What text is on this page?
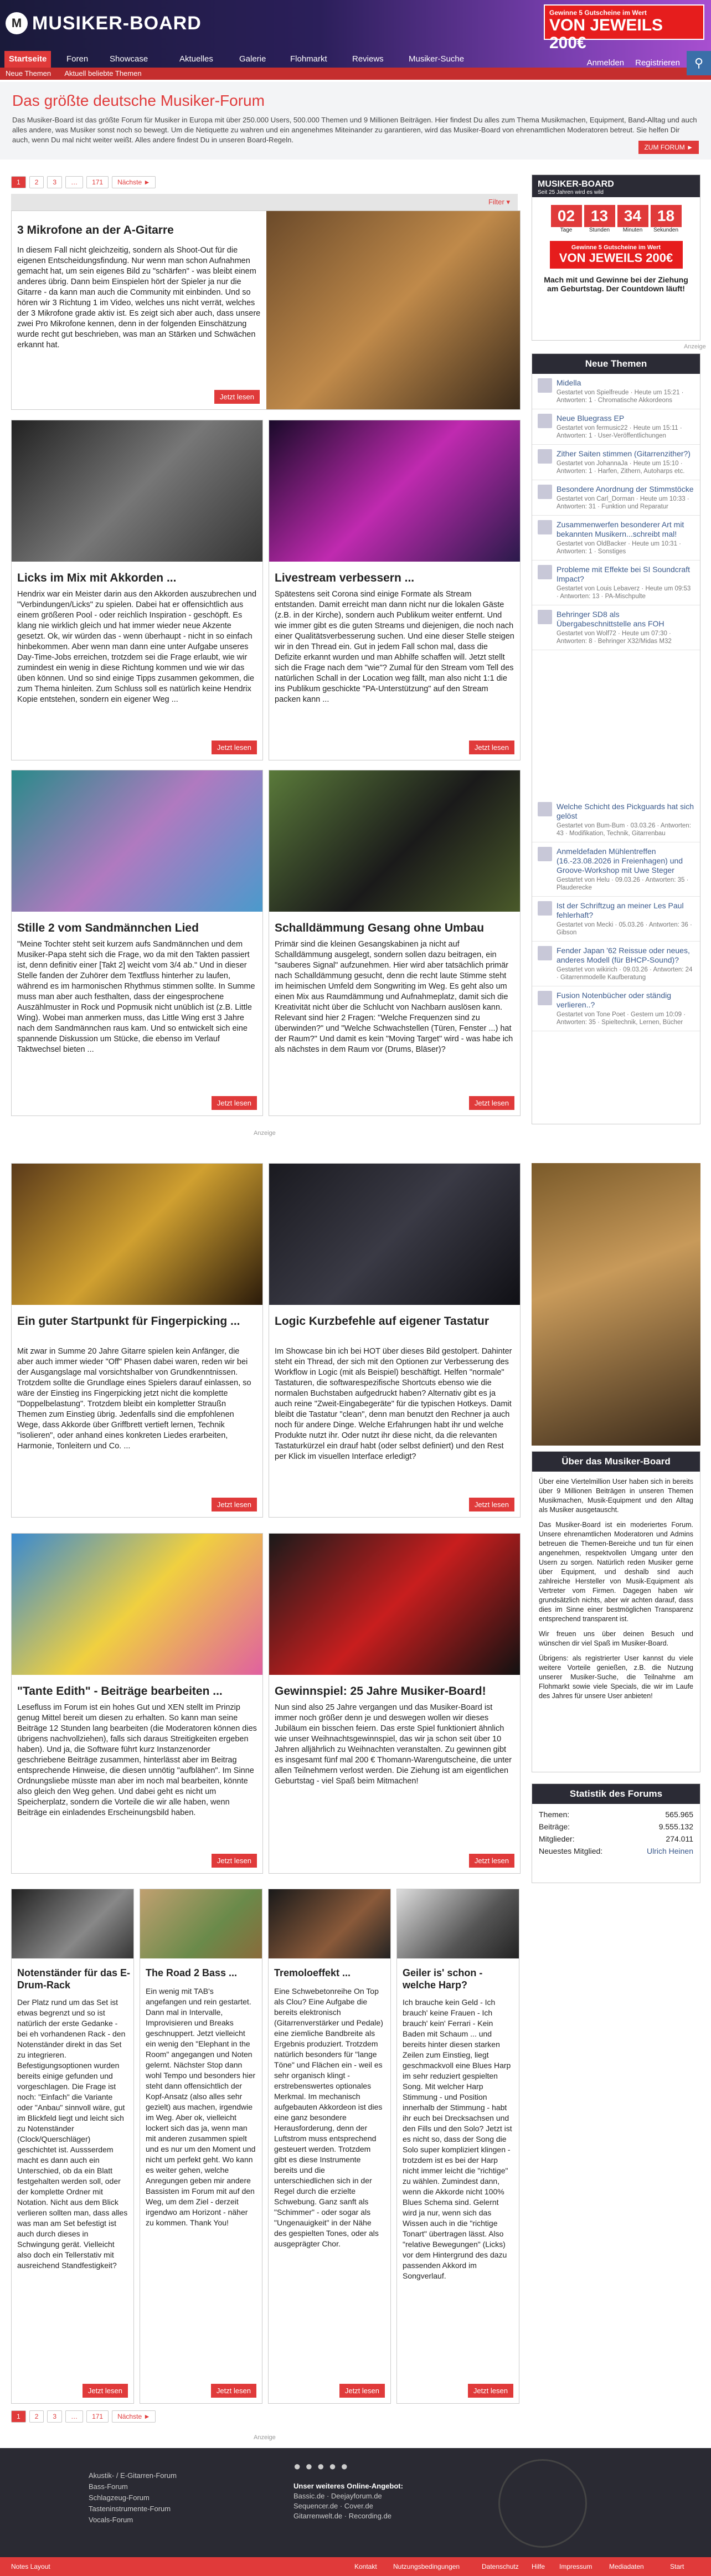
M MUSIKER-BOARD	Gewinne 5 Gutscheine im Wert
VON JEWEILS 200€
Startseite	Foren	Showcase	Aktuelles	Galerie	Flohmarkt	Reviews	Musiker-Suche
Neue Themen Aktuell beliebte Themen
Anmelden	Registrieren	⚲
Das größte deutsche Musiker-Forum

Das Musiker-Board ist das größte Forum für Musiker in Europa mit über 250.000 Users, 500.000 Themen und 9 Millionen Beiträgen. Hier findest Du alles zum Thema Musikmachen, Equipment, Band-Alltag und auch alles andere, was Musiker sonst noch so bewegt. Um die Netiquette zu wahren und ein angenehmes Miteinander zu garantieren, wird das Musiker-Board von ehrenamtlichen Moderatoren betreut. Sie helfen Dir auch, wenn Du mal nicht weiter weißt. Alles andere findest Du in unseren Board-Regeln.

ZUM FORUM ►
1	2	3	…	171	Nächste ►
Filter ▾
3 Mikrofone an der A-Gitarre
In diesem Fall nicht gleichzeitig, sondern als Shoot-Out für die eigenen Entscheidungsfindung. Nur wenn man schon Aufnahmen gemacht hat, um sein eigenes Bild zu "schärfen" - was bleibt einem anderes übrig. Dann beim Einspielen hört der Spieler ja nur die Gitarre - da kann man auch die Community mit einbinden. Und so hören wir 3 Richtung 1 im Video, welches uns nicht verrät, welches der 3 Mikrofone grade aktiv ist. Es zeigt sich aber auch, dass unsere zwei Pro Mikrofone kennen, denn in der folgenden Einschätzung wurde recht gut beschrieben, was man an Stärken und Schwächen erkannt hat.
Jetzt lesen
Licks im Mix mit Akkorden ...
Hendrix war ein Meister darin aus den Akkorden auszubrechen und "Verbindungen/Licks" zu spielen. Dabei hat er offensichtlich aus einem größeren Pool - oder reichlich Inspiration - geschöpft. Es klang nie wirklich gleich und hat immer wieder neue Akzente gesetzt. Ok, wir würden das - wenn überhaupt - nicht in so einfach hinbekommen. Aber wenn man dann eine unter Aufgabe unseres Day-Time-Jobs erreichen, trotzdem sei die Frage erlaubt, wie wir zumindest ein wenig in diese Richtung kommen und wie wir das üben können. Und so sind einige Tipps zusammen gekommen, die zum Thema hinleiten. Zum Schluss soll es natürlich keine Hendrix Kopie entstehen, sondern ein eigener Weg ...
Jetzt lesen
Livestream verbessern ...
Spätestens seit Corona sind einige Formate als Stream entstanden. Damit erreicht man dann nicht nur die lokalen Gäste (z.B. in der Kirche), sondern auch Publikum weiter entfernt. Und wie immer gibt es die guten Streams und diejenigen, die noch nach einer Qualitätsverbesserung suchen. Und eine dieser Stelle steigen wir in den Thread ein. Gut in jedem Fall schon mal, dass die Defizite erkannt wurden und man Abhilfe schaffen will. Jetzt stellt sich die Frage nach dem "wie"? Zumal für den Stream vom Tell des natürlichen Schall in der Location weg fällt, man also nicht 1:1 die ins Publikum geschickte "PA-Unterstützung" auf den Stream packen kann ...
Jetzt lesen
Stille 2 vom Sandmännchen Lied
"Meine Tochter steht seit kurzem aufs Sandmännchen und dem Musiker-Papa steht sich die Frage, wo da mit den Takten passiert ist, denn definitiv einer [Takt 2] weicht vom 3/4 ab." Und in dieser Stelle fanden der Zuhörer dem Textfluss hinterher zu laufen, während es im harmonischen Rhythmus stimmen sollte. In Summe muss man aber auch festhalten, dass der eingesprochene Auszählmuster in Rock und Popmusik nicht unüblich ist (z.B. Little Wing). Wobei man anmerken muss, das Little Wing erst 3 Jahre nach dem Sandmännchen raus kam. Und so entwickelt sich eine spannende Diskussion um Stücke, die ebenso im Verlauf Taktwechsel bieten ...
Jetzt lesen
Schalldämmung Gesang ohne Umbau
Primär sind die kleinen Gesangskabinen ja nicht auf Schalldämmung ausgelegt, sondern sollen dazu beitragen, ein "sauberes Signal" aufzunehmen. Hier wird aber tatsächlich primär nach Schalldämmung gesucht, denn die recht laute Stimme steht im heimischen Umfeld dem Songwriting im Weg. Es geht also um einen Mix aus Raumdämmung und Aufnahmeplatz, damit sich die Kreativität nicht über die Schlucht von Nachbarn auslösen kann. Relevant sind hier 2 Fragen: "Welche Frequenzen sind zu überwinden?" und "Welche Schwachstellen (Türen, Fenster ...) hat der Raum?" Und damit es kein "Moving Target" wird - was habe ich als nächstes in dem Raum vor (Drums, Bläser)?
Jetzt lesen
Anzeige
Ein guter Startpunkt für Fingerpicking ...
Mit zwar in Summe 20 Jahre Gitarre spielen kein Anfänger, die aber auch immer wieder "Off" Phasen dabei waren, reden wir bei der Ausgangslage mal vorsichtshalber von Grundkenntnissen. Trotzdem sollte die Grundlage eines Spielers darauf einlassen, so wäre der Einstieg ins Fingerpicking jetzt nicht die komplette "Doppelbelastung". Trotzdem bleibt ein kompletter Straußn Themen zum Einstieg übrig. Jedenfalls sind die empfohlenen Wege, dass Akkorde über Griffbrett vertieft lernen, Technik "isolieren", oder anhand eines konkreten Liedes erarbeiten, Harmonie, Tonleitern und Co. ...
Jetzt lesen
Logic Kurzbefehle auf eigener Tastatur
Im Showcase bin ich bei HOT über dieses Bild gestolpert. Dahinter steht ein Thread, der sich mit den Optionen zur Verbesserung des Workflow in Logic (mit als Beispiel) beschäftigt. Helfen "normale" Tastaturen, die softwarespezifische Shortcuts ebenso wie die normalen Buchstaben aufgedruckt haben? Alternativ gibt es ja auch reine "Zweit-Eingabegeräte" für die typischen Hotkeys. Damit bleibt die Tastatur "clean", denn man benutzt den Rechner ja auch noch für andere Dinge. Welche Erfahrungen habt ihr und welche Produkte nutzt ihr. Oder nutzt ihr diese nicht, da die relevanten Tastaturkürzel ein drauf habt (oder selbst definiert) und den Rest per Klick im visuellen Interface erledigt?
Jetzt lesen
"Tante Edith" - Beiträge bearbeiten ...
Lesefluss im Forum ist ein hohes Gut und XEN stellt im Prinzip genug Mittel bereit um diesen zu erhalten. So kann man seine Beiträge 12 Stunden lang bearbeiten (die Moderatoren können dies übrigens nachvollziehen), falls sich daraus Streitigkeiten ergeben haben). Und ja, die Software führt kurz Instanzenorder geschriebene Beiträge zusammen, hinterlässt aber im Beitrag entsprechende Hinweise, die diesen unnötig "aufblähen". Im Sinne Ordnungsliebe müsste man aber im noch mal bearbeiten, könnte also gleich den Weg gehen. Und dabei geht es nicht um Speicherplatz, sondern die Vorteile die wir alle haben, wenn Beiträge ein einladendes Erscheinungsbild haben.
Jetzt lesen
Gewinnspiel: 25 Jahre Musiker-Board!
Nun sind also 25 Jahre vergangen und das Musiker-Board ist immer noch größer denn je und deswegen wollen wir dieses Jubiläum ein bisschen feiern. Das erste Spiel funktioniert ähnlich wie unser Weihnachtsgewinnspiel, das wir ja schon seit über 10 Jahren alljährlich zu Weihnachten veranstalten. Zu gewinnen gibt es insgesamt fünf mal 200 € Thomann-Warengutscheine, die unter allen Teilnehmern verlost werden. Die Ziehung ist am eigentlichen Geburtstag - viel Spaß beim Mitmachen!
Jetzt lesen
Notenständer für das E-Drum-Rack
Der Platz rund um das Set ist etwas begrenzt und so ist natürlich der erste Gedanke - bei eh vorhandenen Rack - den Notenständer direkt in das Set zu integrieren. Befestigungsoptionen wurden bereits einige gefunden und vorgeschlagen. Die Frage ist noch: "Einfach" die Variante oder "Anbau" sinnvoll wäre, gut im Blickfeld liegt und leicht sich zu Notenständer (Clock/Querschläger) geschichtet ist. Aussserdem macht es dann auch ein Unterschied, ob da ein Blatt festgehalten werden soll, oder der komplette Ordner mit Notation. Nicht aus dem Blick verlieren sollten man, dass alles was man am Set befestigt ist auch durch dieses in Schwingung gerät. Vielleicht also doch ein Tellerstativ mit ausreichend Standfestigkeit?
Jetzt lesen
The Road 2 Bass ...
Ein wenig mit TAB's angefangen und rein gestartet. Dann mal in Intervalle, Improvisieren und Breaks geschnuppert. Jetzt vielleicht ein wenig den "Elephant in the Room" angegangen und Noten gelernt. Nächster Stop dann wohl Tempo und besonders hier steht dann offensichtlich der Kopf-Ansatz (also alles sehr gezielt) aus machen, irgendwie im Weg. Aber ok, vielleicht lockert sich das ja, wenn man mit anderen zusammen spielt und es nur um den Moment und nicht um perfekt geht. Wo kann es weiter gehen, welche Anregungen geben mir andere Bassisten im Forum mit auf den Weg, um dem Ziel - derzeit irgendwo am Horizont - näher zu kommen. Thank You!
Jetzt lesen
Tremoloeffekt ...
Eine Schwebetonreihe On Top als Clou? Eine Aufgabe die bereits elektronisch (Gitarrenverstärker und Pedale) eine ziemliche Bandbreite als Ergebnis produziert. Trotzdem natürlich besonders für "lange Töne" und Flächen ein - weil es sehr organisch klingt - erstrebenswertes optionales Merkmal. Im mechanisch aufgebauten Akkordeon ist dies eine ganz besondere Herausforderung, denn der Luftstrom muss entsprechend gesteuert werden. Trotzdem gibt es diese Instrumente bereits und die unterschiedlichen sich in der Regel durch die erzielte Schwebung. Ganz sanft als "Schimmer" - oder sogar als "Ungenauigkeit" in der Nähe des gespielten Tones, oder als ausgeprägter Chor.
Jetzt lesen
Geiler is' schon - welche Harp?
Ich brauche kein Geld - Ich brauch' keine Frauen - Ich brauch' kein' Ferrari - Kein Baden mit Schaum ... und bereits hinter diesen starken Zeilen zum Einstieg, liegt geschmackvoll eine Blues Harp im sehr reduziert gespielten Song. Mit welcher Harp Stimmung - und Position innerhalb der Stimmung - habt ihr euch bei Drecksachsen und den Fills und den Solo? Jetzt ist es nicht so, dass der Song die Solo super kompliziert klingen - trotzdem ist es bei der Harp nicht immer leicht die "richtige" zu wählen. Zumindest dann, wenn die Akkorde nicht 100% Blues Schema sind. Gelernt wird ja nur, wenn sich das Wissen auch in die "richtige Tonart" übertragen lässt. Also "relative Bewegungen" (Licks) vor dem Hintergrund des dazu passenden Akkord im Songverlauf.
Jetzt lesen
1	2	3	…	171	Nächste ►
Anzeige
MUSIKER-BOARD
Seit 25 Jahren wird es wild
02
Tage
13
Stunden
34
Minuten
18
Sekunden
Gewinne 5 Gutscheine im Wert
VON JEWEILS 200€
Mach mit und Gewinne bei der Ziehung am Geburtstag. Der Countdown läuft!
Anzeige
Neue Themen
Midella
Gestartet von Spielfreude · Heute um 15:21 · Antworten: 1 · Chromatische Akkordeons
Neue Bluegrass EP
Gestartet von fermusic22 · Heute um 15:11 · Antworten: 1 · User-Veröffentlichungen
Zither Saiten stimmen (Gitarrenzither?)
Gestartet von JohannaJa · Heute um 15:10 · Antworten: 1 · Harfen, Zithern, Autoharps etc.
Besondere Anordnung der Stimmstöcke
Gestartet von Carl_Dorman · Heute um 10:33 · Antworten: 31 · Funktion und Reparatur
Zusammenwerfen besonderer Art mit bekannten Musikern...schreibt mal!
Gestartet von OldBacker · Heute um 10:31 · Antworten: 1 · Sonstiges
Probleme mit Effekte bei SI Soundcraft Impact?
Gestartet von Louis Lebaverz · Heute um 09:53 · Antworten: 13 · PA-Mischpulte
Behringer SD8 als Übergabeschnittstelle ans FOH
Gestartet von Wolf72 · Heute um 07:30 · Antworten: 8 · Behringer X32/Midas M32
Welche Schicht des Pickguards hat sich gelöst
Gestartet von Bum-Bum · 03.03.26 · Antworten: 43 · Modifikation, Technik, Gitarrenbau
Anmeldefaden Mühlentreffen (16.-23.08.2026 in Freienhagen) und Groove-Workshop mit Uwe Steger
Gestartet von ​Helu · 09.03.26 · Antworten: 35 · Plauderecke
Ist der Schriftzug an meiner Les Paul fehlerhaft?
Gestartet von Mecki · 05.03.26 · Antworten: 36 · Gibson
Fender Japan '62 Reissue oder neues, anderes Modell (für BHCP-Sound)?
Gestartet von wikirich · 09.03.26 · Antworten: 24 · Gitarrenmodelle Kaufberatung
Fusion Notenbücher oder ständig verlieren..?
Gestartet von Tone Poet · Gestern um 10:09 · Antworten: 35 · Spieltechnik, Lernen, Bücher
Über das Musiker-Board

Über eine Viertelmillion User haben sich in bereits über 9 Millionen Beiträgen in unseren Themen Musikmachen, Musik-Equipment und den Alltag als Musiker ausgetauscht.

Das Musiker-Board ist ein moderiertes Forum. Unsere ehrenamtlichen Moderatoren und Admins betreuen die Themen-Bereiche und tun für einen angenehmen, respektvollen Umgang unter den Usern zu sorgen. Natürlich reden Musiker gerne über Equipment, und deshalb sind auch zahlreiche Hersteller von Musik-Equipment als Vertreter vom Firmen. Dagegen haben wir grundsätzlich nichts, aber wir achten darauf, dass dies im Sinne einer bestmöglichen Transparenz entsprechend transparent ist.

Wir freuen uns über deinen Besuch und wünschen dir viel Spaß im Musiker-Board.

Übrigens: als registrierter User kannst du viele weitere Vorteile genießen, z.B. die Nutzung unserer Musiker-Suche, die Teilnahme am Flohmarkt sowie viele Specials, die wir im Laufe des Jahres für unsere User anbieten!

Statistik des Forums
Themen:	565.965
Beiträge:	9.555.132
Mitglieder:	274.011
Neuestes Mitglied:	Ulrich Heinen
Akustik- / E-Gitarren-Forum
Bass-Forum
Schlagzeug-Forum
Tasteninstrumente-Forum
Vocals-Forum
●●●●●
Unser weiteres Online-Angebot:
Bassic.de · Deejayforum.de
Sequencer.de · Cover.de
Gitarrenwelt.de · Recording.de
Notes Layout	Kontakt Nutzungsbedingungen	Datenschutz Hilfe Impressum	Mediadaten	Start
